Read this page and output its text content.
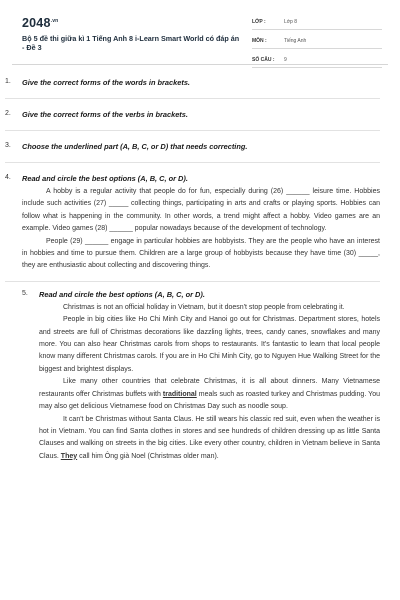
$2048^{.vn}$
Bộ 5 đề thi giữa kì 1 Tiếng Anh 8 i-Learn Smart World có đáp án - Đề 3
LỚP :	Lớp 8
MÔN :	Tiếng Anh
SỐ CÂU : 9
1. Give the correct forms of the words in brackets.
2. Give the correct forms of the verbs in brackets.
3. Choose the underlined part (A, B, C, or D) that needs correcting.
4. Read and circle the best options (A, B, C, or D).

A hobby is a regular activity that people do for fun, especially during (26) ______ leisure time. Hobbies include such activities (27) _____ collecting things, participating in arts and crafts or playing sports. Hobbies can follow what is happening in the community. In other words, a trend might affect a hobby. Video games are an example. Video games (28) ______ popular nowadays because of the development of technology.

People (29) ______ engage in particular hobbies are hobbyists. They are the people who have an interest in hobbies and time to pursue them. Children are a large group of hobbyists because they have time (30) _____, they are enthusiastic about collecting and discovering things.

5. Read and circle the best options (A, B, C, or D).

Christmas is not an official holiday in Vietnam, but it doesn't stop people from celebrating it.

People in big cities like Ho Chi Minh City and Hanoi go out for Christmas. Department stores, hotels and streets are full of Christmas decorations like dazzling lights, trees, candy canes, snowflakes and many more. You can also hear Christmas carols from shops to restaurants. It's fantastic to learn that local people know many different Christmas carols. If you are in Ho Chi Minh City, go to Nguyen Hue Walking Street for the biggest and brightest displays.

Like many other countries that celebrate Christmas, it is all about dinners. Many Vietnamese restaurants offer Christmas buffets with traditional meals such as roasted turkey and Christmas pudding. You may also get delicious Vietnamese food on Christmas Day such as noodle soup.

It can't be Christmas without Santa Claus. He still wears his classic red suit, even when the weather is hot in Vietnam. You can find Santa clothes in stores and see hundreds of children dressing up as little Santa Clauses and walking on streets in the big cities. Like every other country, children in Vietnam believe in Santa Claus. They call him Ông già Noel (Christmas older man).
